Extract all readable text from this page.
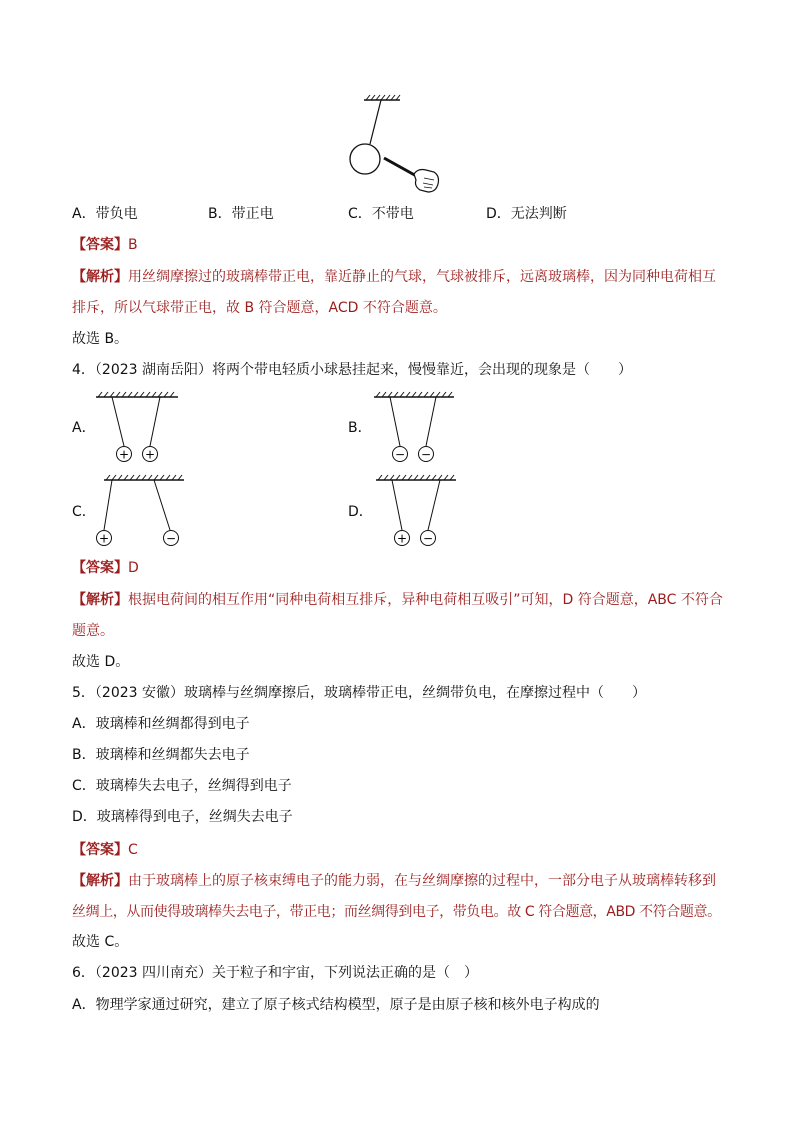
A．带负电	B．带正电	C．不带电	D．无法判断
【答案】B
【解析】用丝绸摩擦过的玻璃棒带正电，靠近静止的气球，气球被排斥，远离玻璃棒，因为同种电荷相互
排斥，所以气球带正电，故 B 符合题意，ACD 不符合题意。
故选 B。
4．（2023 湖南岳阳）将两个带电轻质小球悬挂起来，慢慢靠近，会出现的现象是（　　）
A．
+ +
B．
− −
C．
+	−
D．
+ −
【答案】D
【解析】根据电荷间的相互作用“同种电荷相互排斥，异种电荷相互吸引”可知，D 符合题意，ABC 不符合
题意。
故选 D。
5．（2023 安徽）玻璃棒与丝绸摩擦后，玻璃棒带正电，丝绸带负电，在摩擦过程中（　　）
A．玻璃棒和丝绸都得到电子
B．玻璃棒和丝绸都失去电子
C．玻璃棒失去电子，丝绸得到电子
D．玻璃棒得到电子，丝绸失去电子
【答案】C
【解析】由于玻璃棒上的原子核束缚电子的能力弱，在与丝绸摩擦的过程中，一部分电子从玻璃棒转移到
丝绸上，从而使得玻璃棒失去电子，带正电；而丝绸得到电子，带负电。故 C 符合题意，ABD 不符合题意。
故选 C。
6．（2023 四川南充）关于粒子和宇宙，下列说法正确的是（　）
A．物理学家通过研究，建立了原子核式结构模型，原子是由原子核和核外电子构成的
